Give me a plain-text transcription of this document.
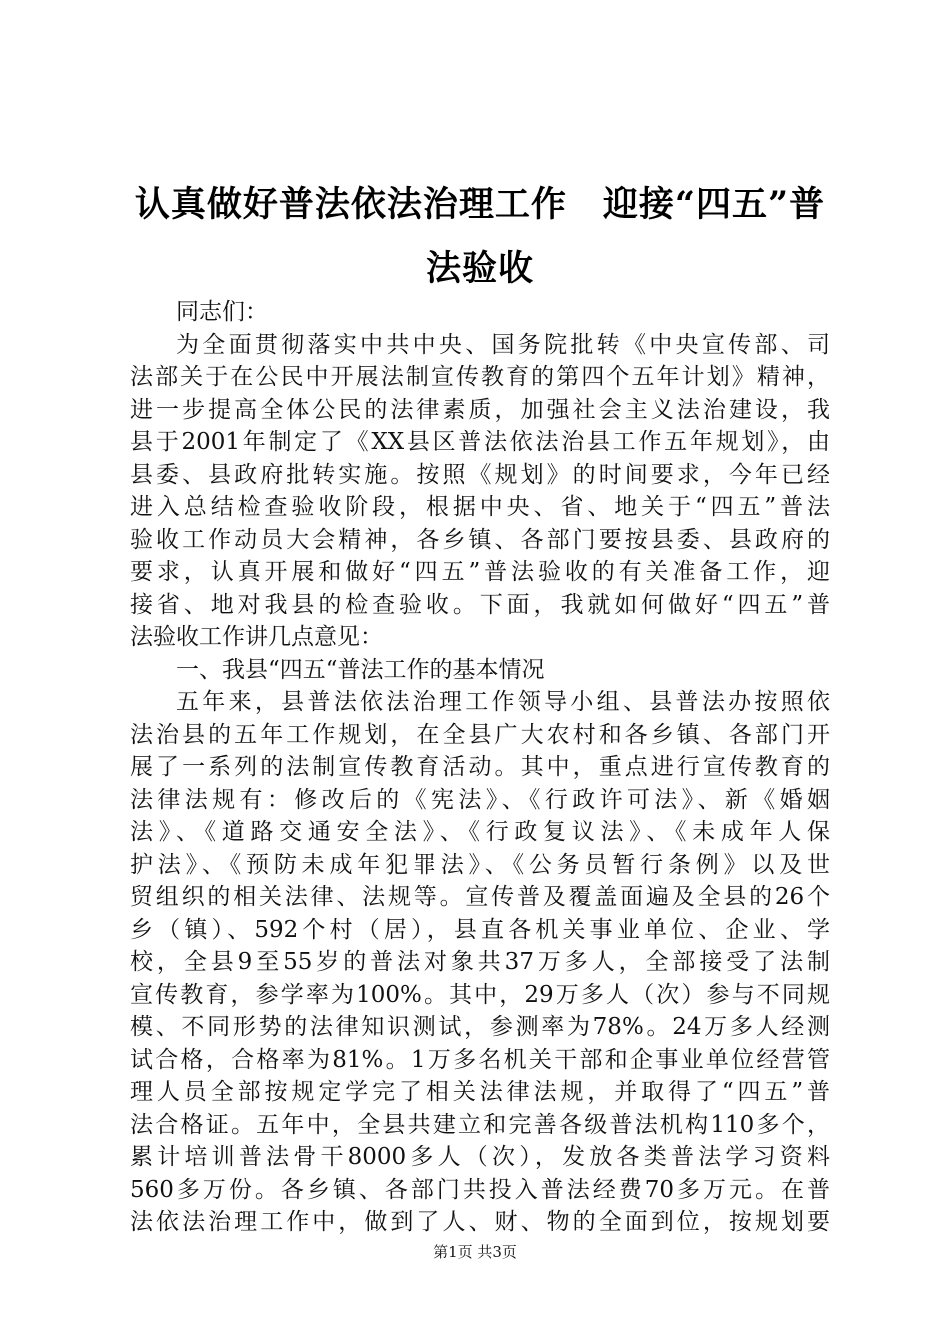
认真做好普法依法治理工作　迎接“四五”普
法验收
同志们：
为全面贯彻落实中共中央、国务院批转《中央宣传部、司
法部关于在公民中开展法制宣传教育的第四个五年计划》精神，
进一步提高全体公民的法律素质，加强社会主义法治建设，我
县于2001年制定了《XX县区普法依法治县工作五年规划》，由
县委、县政府批转实施。按照《规划》的时间要求，今年已经
进入总结检查验收阶段，根据中央、省、地关于“四五”普法
验收工作动员大会精神，各乡镇、各部门要按县委、县政府的
要求，认真开展和做好“四五”普法验收的有关准备工作，迎
接省、地对我县的检查验收。下面，我就如何做好“四五”普
法验收工作讲几点意见：
一、我县“四五“普法工作的基本情况
五年来，县普法依法治理工作领导小组、县普法办按照依
法治县的五年工作规划，在全县广大农村和各乡镇、各部门开
展了一系列的法制宣传教育活动。其中，重点进行宣传教育的
法律法规有：修改后的《宪法》、《行政许可法》、新《婚姻
法》、《道路交通安全法》、《行政复议法》、《未成年人保
护法》、《预防未成年犯罪法》、《公务员暂行条例》以及世
贸组织的相关法律、法规等。宣传普及覆盖面遍及全县的26个
乡（镇）、592个村（居），县直各机关事业单位、企业、学
校，全县9至55岁的普法对象共37万多人，全部接受了法制
宣传教育，参学率为100%。其中，29万多人（次）参与不同规
模、不同形势的法律知识测试，参测率为78%。24万多人经测
试合格，合格率为81%。1万多名机关干部和企事业单位经营管
理人员全部按规定学完了相关法律法规，并取得了“四五”普
法合格证。五年中，全县共建立和完善各级普法机构110多个，
累计培训普法骨干8000多人（次），发放各类普法学习资料
560多万份。各乡镇、各部门共投入普法经费70多万元。在普
法依法治理工作中，做到了人、财、物的全面到位，按规划要
第1页 共3页
